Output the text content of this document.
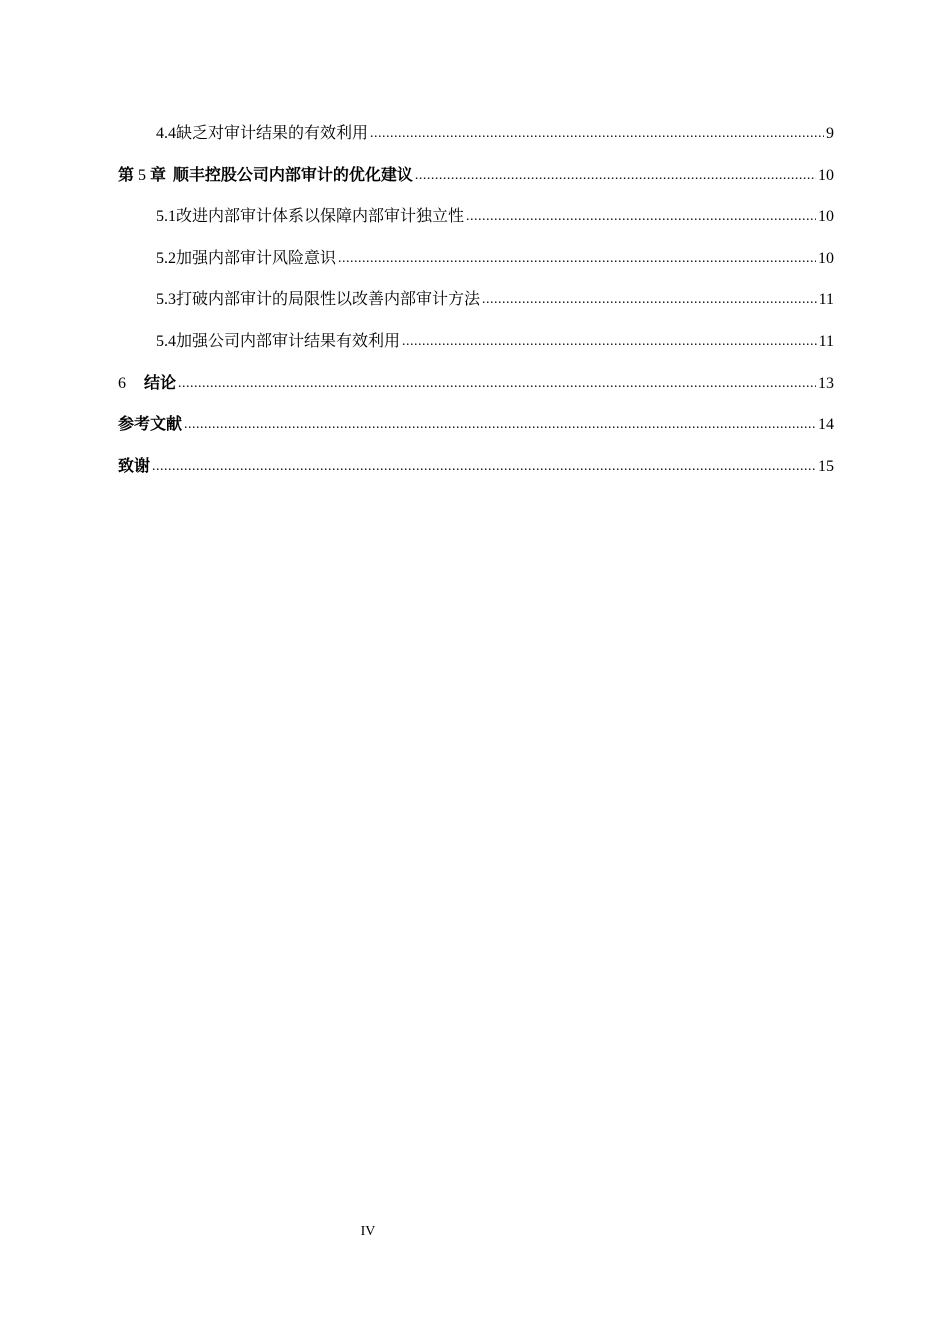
4.4 缺乏对审计结果的有效利用 .....	9
第 5 章 顺丰控股公司内部审计的优化建议 .....	10
5.1 改进内部审计体系以保障内部审计独立性 .....	10
5.2 加强内部审计风险意识 .....	10
5.3 打破内部审计的局限性以改善内部审计方法 .....	11
5.4 加强公司内部审计结果有效利用 .....	11
6 结论 .....	13
参考文献 .....	14
致谢 .....	15
IV
